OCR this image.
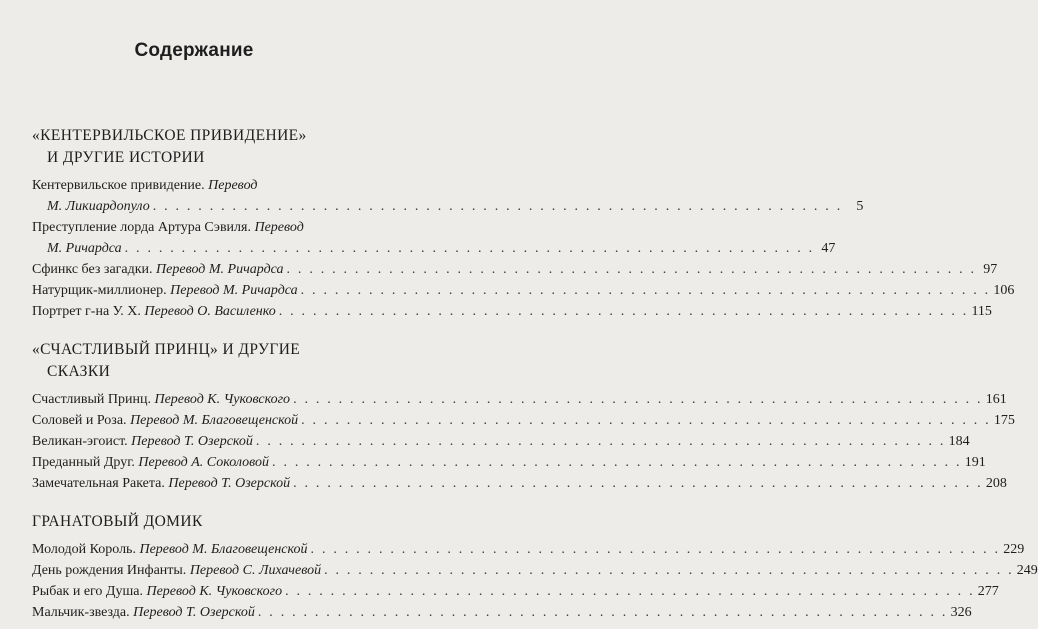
Содержание
«КЕНТЕРВИЛЬСКОЕ ПРИВИДЕНИЕ»
И ДРУГИЕ ИСТОРИИ
Кентервильское привидение. Перевод
М. Ликиардопуло . . .	5
Преступление лорда Артура Сэвиля. Перевод
М. Ричардса . . .	47
Сфинкс без загадки. Перевод М. Ричардса . . .	97
Натурщик-миллионер. Перевод М. Ричардса . . .	106
Портрет г-на У. Х. Перевод О. Василенко . . .	115
«СЧАСТЛИВЫЙ ПРИНЦ» И ДРУГИЕ
СКАЗКИ
Счастливый Принц. Перевод К. Чуковского . . .	161
Соловей и Роза. Перевод М. Благовещенской . . .	175
Великан-эгоист. Перевод Т. Озерской . . .	184
Преданный Друг. Перевод А. Соколовой . . .	191
Замечательная Ракета. Перевод Т. Озерской . . .	208
ГРАНАТОВЫЙ ДОМИК
Молодой Король. Перевод М. Благовещенской . . .	229
День рождения Инфанты. Перевод С. Лихачевой . . .	249
Рыбак и его Душа. Перевод К. Чуковского . . .	277
Мальчик-звезда. Перевод Т. Озерской . . .	326
